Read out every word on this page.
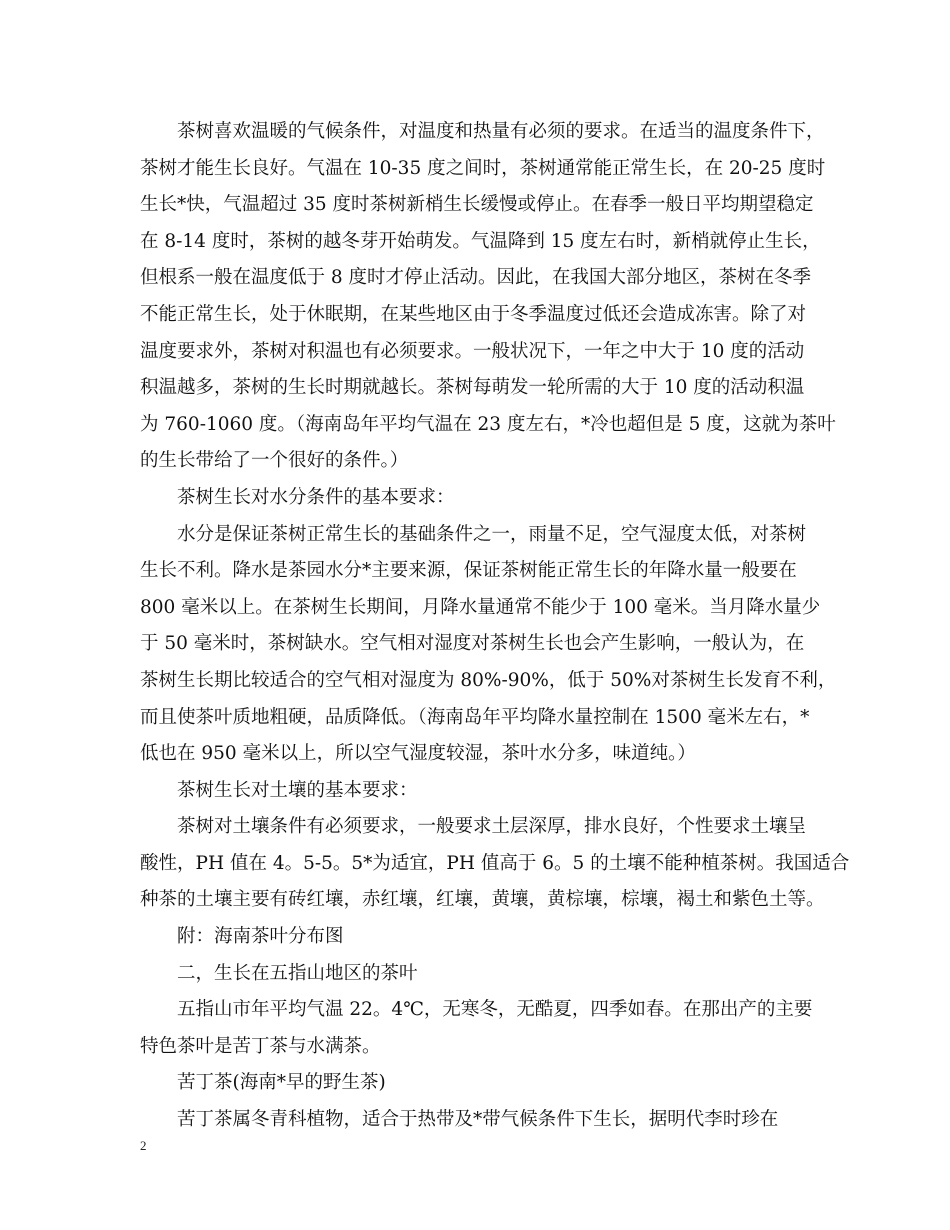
茶树喜欢温暖的气候条件，对温度和热量有必须的要求。在适当的温度条件下，
茶树才能生长良好。气温在 10-35 度之间时，茶树通常能正常生长，在 20-25 度时
生长*快，气温超过 35 度时茶树新梢生长缓慢或停止。在春季一般日平均期望稳定
在 8-14 度时，茶树的越冬芽开始萌发。气温降到 15 度左右时，新梢就停止生长，
但根系一般在温度低于 8 度时才停止活动。因此，在我国大部分地区，茶树在冬季
不能正常生长，处于休眠期，在某些地区由于冬季温度过低还会造成冻害。除了对
温度要求外，茶树对积温也有必须要求。一般状况下，一年之中大于 10 度的活动
积温越多，茶树的生长时期就越长。茶树每萌发一轮所需的大于 10 度的活动积温
为 760-1060 度。（海南岛年平均气温在 23 度左右，*冷也超但是 5 度，这就为茶叶
的生长带给了一个很好的条件。）
茶树生长对水分条件的基本要求：
水分是保证茶树正常生长的基础条件之一，雨量不足，空气湿度太低，对茶树
生长不利。降水是茶园水分*主要来源，保证茶树能正常生长的年降水量一般要在
800 毫米以上。在茶树生长期间，月降水量通常不能少于 100 毫米。当月降水量少
于 50 毫米时，茶树缺水。空气相对湿度对茶树生长也会产生影响，一般认为，在
茶树生长期比较适合的空气相对湿度为 80%-90%，低于 50%对茶树生长发育不利，
而且使茶叶质地粗硬，品质降低。（海南岛年平均降水量控制在 1500 毫米左右，*
低也在 950 毫米以上，所以空气湿度较湿，茶叶水分多，味道纯。）
茶树生长对土壤的基本要求：
茶树对土壤条件有必须要求，一般要求土层深厚，排水良好，个性要求土壤呈
酸性，PH 值在 4。5-5。5*为适宜，PH 值高于 6。5 的土壤不能种植茶树。我国适合
种茶的土壤主要有砖红壤，赤红壤，红壤，黄壤，黄棕壤，棕壤，褐土和紫色土等。
附：海南茶叶分布图
二，生长在五指山地区的茶叶
五指山市年平均气温 22。4℃，无寒冬，无酷夏，四季如春。在那出产的主要
特色茶叶是苦丁茶与水满茶。
苦丁茶(海南*早的野生茶)
苦丁茶属冬青科植物，适合于热带及*带气候条件下生长，据明代李时珍在
2
